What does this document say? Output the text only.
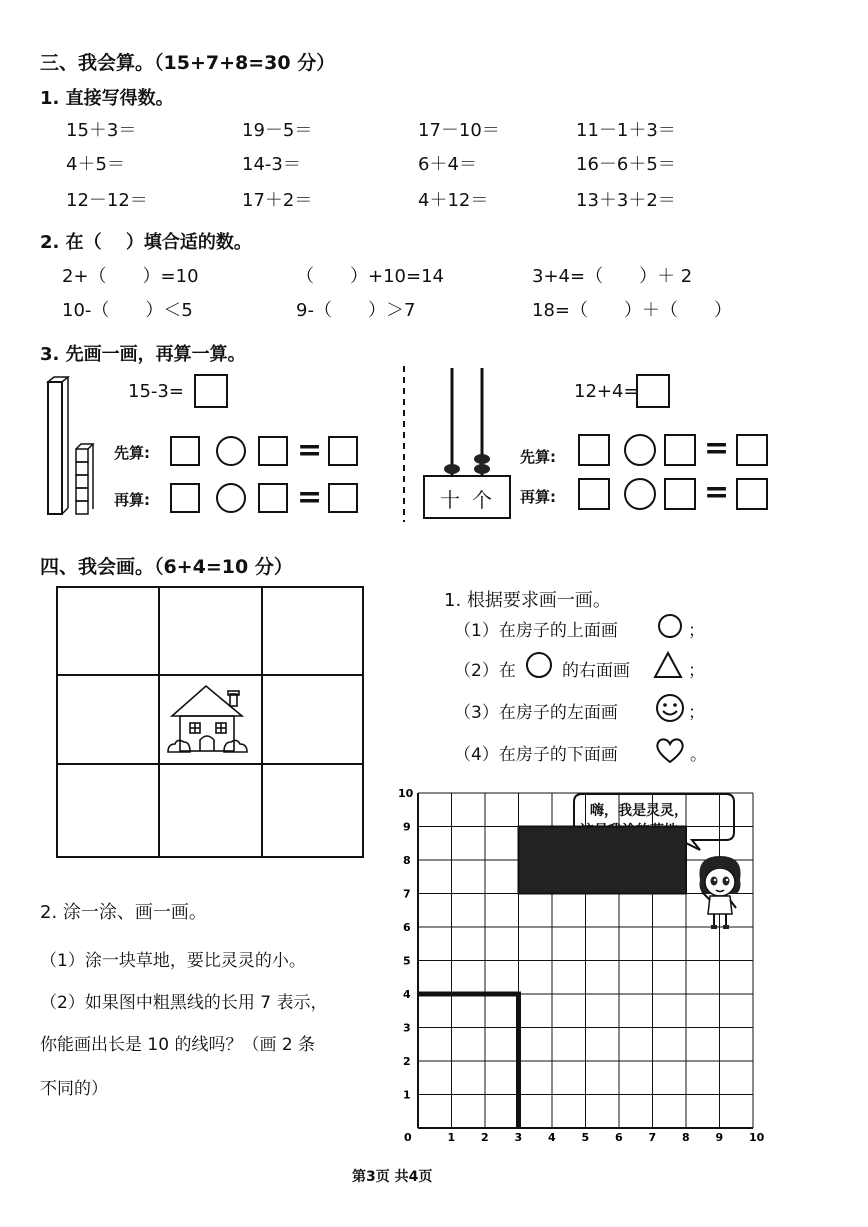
三、我会算。（15+7+8=30 分）
1. 直接写得数。
15＋3＝	19－5＝	17－10＝	11－1＋3＝
4＋5＝	14-3＝	6＋4＝	16－6＋5＝
12－12＝	17＋2＝	4＋12＝	13＋3＋2＝
2. 在（　 ）填合适的数。
2+（　　）=10	（　　）+10=14	3+4=（　　）＋ 2
10-（　　）＜5	9-（　　）＞7	18=（　　）＋（　　）
3. 先画一画，再算一算。
15-3=
先算:	=
再算:	=	十 个
12+4=
先算:	=
再算:	=
四、我会画。（6+4=10 分）
1. 根据要求画一画。
（1）在房子的上面画	；
（2）在	的右面画	；
（3）在房子的左面画	；
（4）在房子的下面画	。
嗨，我是灵灵，
0	1 2 3 4 5 6 7 8 9 10
1
2
3
4
5
6
7
8
9
10
2. 涂一涂、画一画。
（1）涂一块草地，要比灵灵的小。
（2）如果图中粗黑线的长用 7 表示，
你能画出长是 10 的线吗？（画 2 条
不同的）
第3页 共4页
